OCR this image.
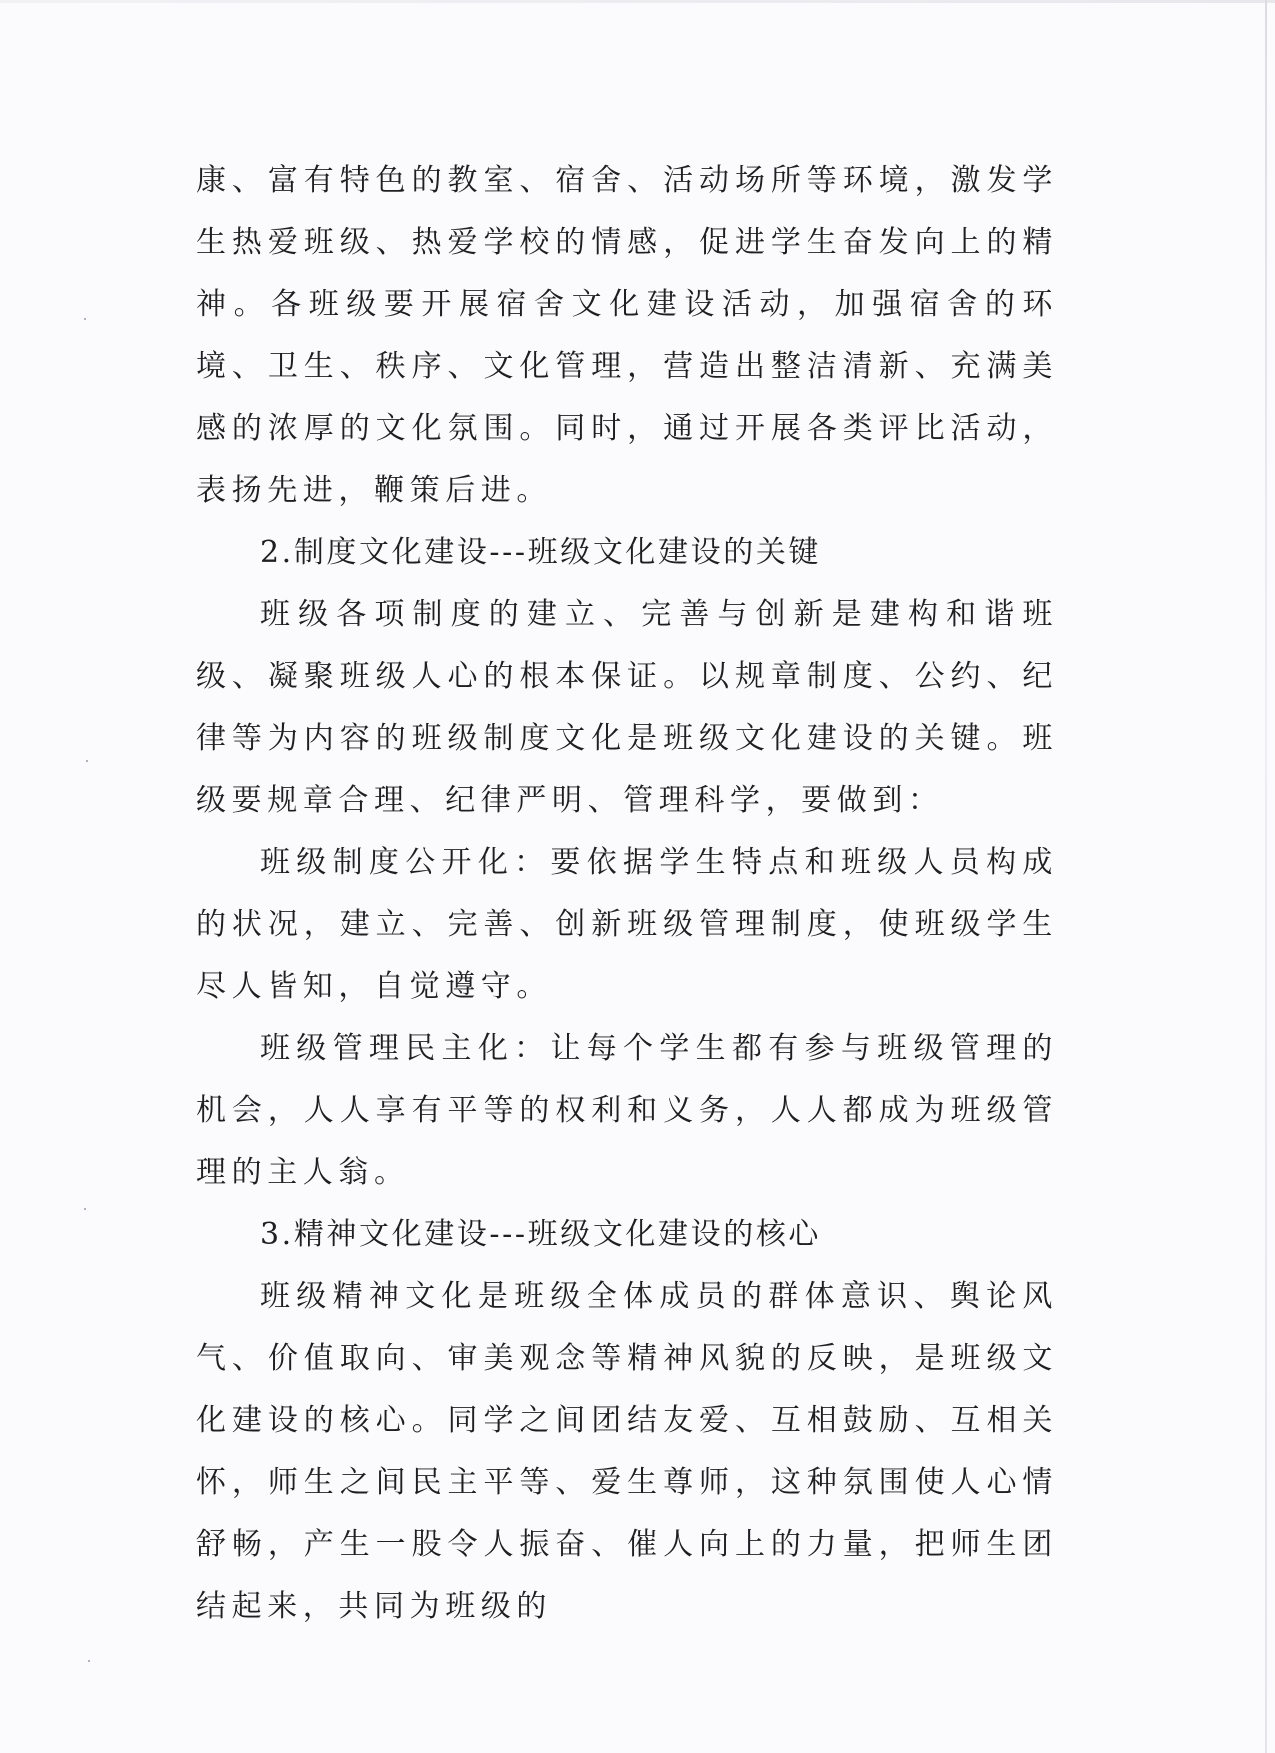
康、富有特色的教室、宿舍、活动场所等环境，激发学生热爱班级、热爱学校的情感，促进学生奋发向上的精神。各班级要开展宿舍文化建设活动，加强宿舍的环境、卫生、秩序、文化管理，营造出整洁清新、充满美感的浓厚的文化氛围。同时，通过开展各类评比活动，表扬先进，鞭策后进。

2.制度文化建设---班级文化建设的关键

班级各项制度的建立、完善与创新是建构和谐班级、凝聚班级人心的根本保证。以规章制度、公约、纪律等为内容的班级制度文化是班级文化建设的关键。班级要规章合理、纪律严明、管理科学，要做到：

班级制度公开化：要依据学生特点和班级人员构成的状况，建立、完善、创新班级管理制度，使班级学生尽人皆知，自觉遵守。

班级管理民主化：让每个学生都有参与班级管理的机会，人人享有平等的权利和义务，人人都成为班级管理的主人翁。

3.精神文化建设---班级文化建设的核心

班级精神文化是班级全体成员的群体意识、舆论风气、价值取向、审美观念等精神风貌的反映，是班级文化建设的核心。同学之间团结友爱、互相鼓励、互相关怀，师生之间民主平等、爱生尊师，这种氛围使人心情舒畅，产生一股令人振奋、催人向上的力量，把师生团结起来，共同为班级的
